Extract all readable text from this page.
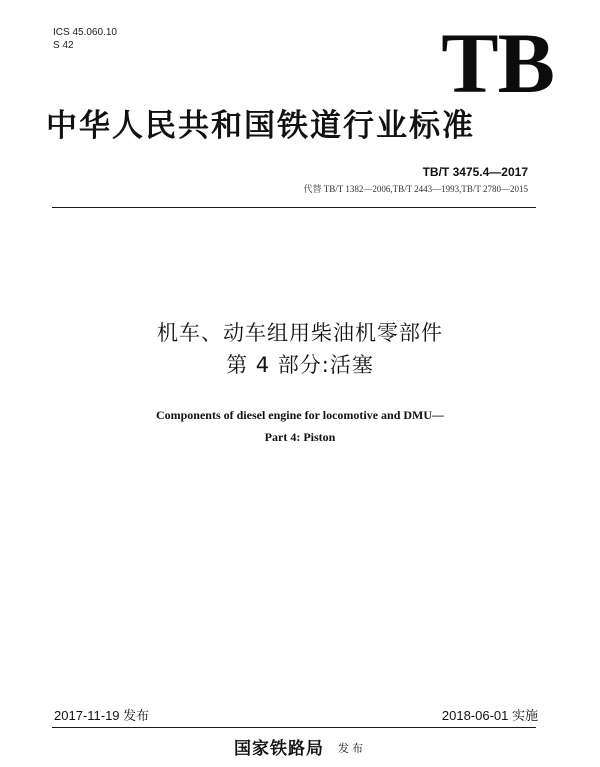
ICS 45.060.10
S 42	TB
中华人民共和国铁道行业标准
TB/T 3475.4—2017
代替 TB/T 1382—2006,TB/T 2443—1993,TB/T 2780—2015
机车、动车组用柴油机零部件
第 4 部分:活塞
Components of diesel engine for locomotive and DMU—
Part 4: Piston
2017-11-19 发布	2018-06-01 实施
国家铁路局 发布
